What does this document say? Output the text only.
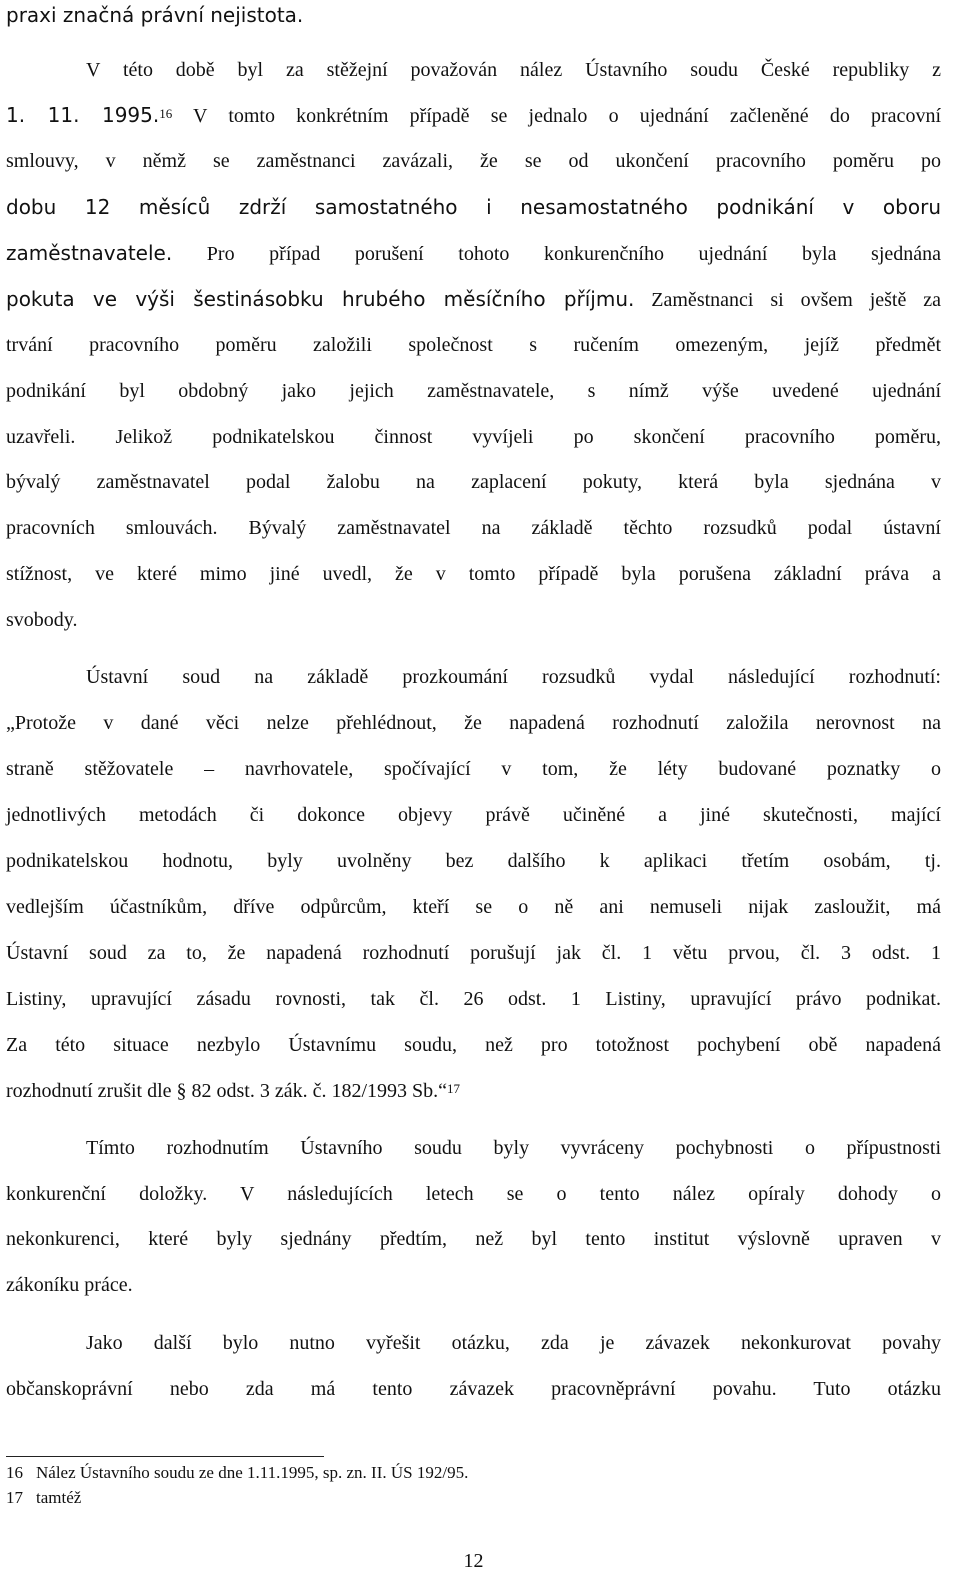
praxi značná právní nejistota.
V této době byl za stěžejní považován nález Ústavního soudu České republiky z
1. 11. 1995.16 V tomto konkrétním případě se jednalo o ujednání začleněné do pracovní
smlouvy, v němž se zaměstnanci zavázali, že se od ukončení pracovního poměru po
dobu 12 měsíců zdrží samostatného i nesamostatného podnikání v oboru
zaměstnavatele. Pro případ porušení tohoto konkurenčního ujednání byla sjednána
pokuta ve výši šestinásobku hrubého měsíčního příjmu. Zaměstnanci si ovšem ještě za
trvání pracovního poměru založili společnost s ručením omezeným, jejíž předmět
podnikání byl obdobný jako jejich zaměstnavatele, s nímž výše uvedené ujednání
uzavřeli. Jelikož podnikatelskou činnost vyvíjeli po skončení pracovního poměru,
bývalý zaměstnavatel podal žalobu na zaplacení pokuty, která byla sjednána v
pracovních smlouvách. Bývalý zaměstnavatel na základě těchto rozsudků podal ústavní
stížnost, ve které mimo jiné uvedl, že v tomto případě byla porušena základní práva a
svobody.
Ústavní soud na základě prozkoumání rozsudků vydal následující rozhodnutí:
„Protože v dané věci nelze přehlédnout, že napadená rozhodnutí založila nerovnost na
straně stěžovatele – navrhovatele, spočívající v tom, že léty budované poznatky o
jednotlivých metodách či dokonce objevy právě učiněné a jiné skutečnosti, mající
podnikatelskou hodnotu, byly uvolněny bez dalšího k aplikaci třetím osobám, tj.
vedlejším účastníkům, dříve odpůrcům, kteří se o ně ani nemuseli nijak zasloužit, má
Ústavní soud za to, že napadená rozhodnutí porušují jak čl. 1 větu prvou, čl. 3 odst. 1
Listiny, upravující zásadu rovnosti, tak čl. 26 odst. 1 Listiny, upravující právo podnikat.
Za této situace nezbylo Ústavnímu soudu, než pro totožnost pochybení obě napadená
rozhodnutí zrušit dle § 82 odst. 3 zák. č. 182/1993 Sb.“$^{17}$
Tímto rozhodnutím Ústavního soudu byly vyvráceny pochybnosti o přípustnosti
konkurenční doložky. V následujících letech se o tento nález opíraly dohody o
nekonkurenci, které byly sjednány předtím, než byl tento institut výslovně upraven v
zákoníku práce.
Jako další bylo nutno vyřešit otázku, zda je závazek nekonkurovat povahy
občanskoprávní nebo zda má tento závazek pracovněprávní povahu. Tuto otázku
16 Nález Ústavního soudu ze dne 1.11.1995, sp. zn. II. ÚS 192/95.
17 tamtéž
12
